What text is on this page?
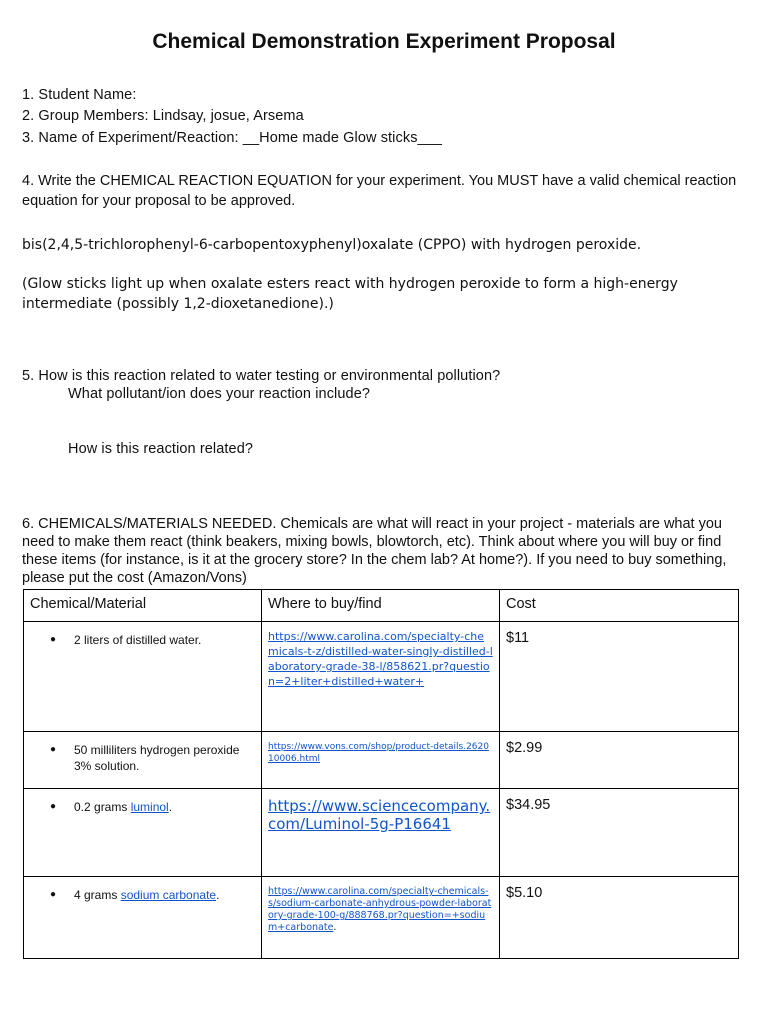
Chemical Demonstration Experiment Proposal
1. Student Name:
2. Group Members: Lindsay, josue, Arsema
3. Name of Experiment/Reaction: __Home made Glow sticks___
4. Write the CHEMICAL REACTION EQUATION for your experiment. You MUST have a valid chemical reaction equation for your proposal to be approved.
bis(2,4,5-trichlorophenyl-6-carbopentoxyphenyl)oxalate (CPPO) with hydrogen peroxide.
(Glow sticks light up when oxalate esters react with hydrogen peroxide to form a high-energy intermediate (possibly 1,2-dioxetanedione).)
5. How is this reaction related to water testing or environmental pollution?
What pollutant/ion does your reaction include?
How is this reaction related?
6. CHEMICALS/MATERIALS NEEDED. Chemicals are what will react in your project - materials are what you need to make them react (think beakers, mixing bowls, blowtorch, etc). Think about where you will buy or find these items (for instance, is it at the grocery store? In the chem lab? At home?). If you need to buy something, please put the cost (Amazon/Vons)
Chemical/Material	Where to buy/find	Cost

● 2 liters of distilled water.	https://www.carolina.com/specialty-chemicals-t-z/distilled-water-singly-distilled-laboratory-grade-38-l/858621.pr?question=2+liter+distilled+water+	$11

● 50 milliliters hydrogen peroxide 3% solution.	https://www.vons.com/shop/product-details.262010006.html	$2.99

● 0.2 grams luminol.	https://www.sciencecompany.com/Luminol-5g-P16641	$34.95

● 4 grams sodium carbonate.	https://www.carolina.com/specialty-chemicals-s/sodium-carbonate-anhydrous-powder-laboratory-grade-100-g/888768.pr?question=+sodium+carbonate.	$5.10
